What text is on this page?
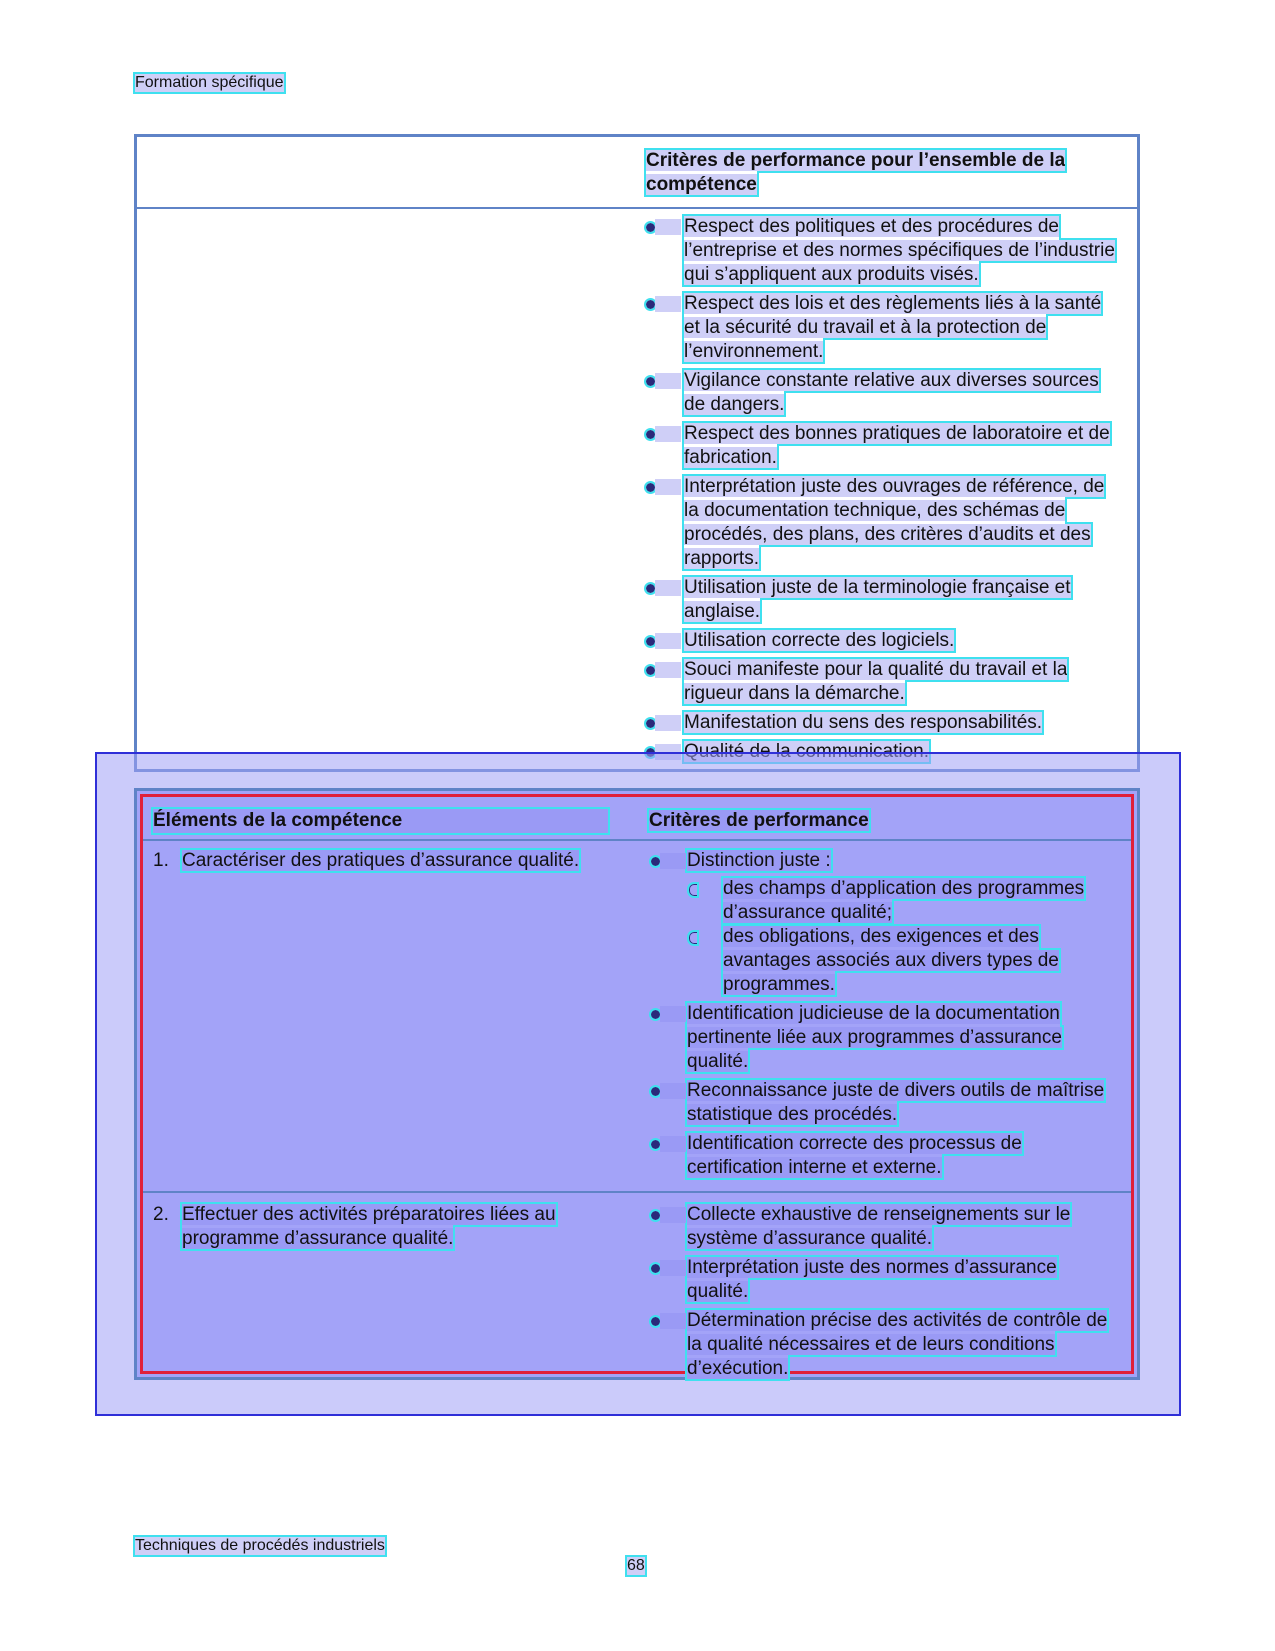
Formation spécifique
Critères de performance pour l’ensemble de la compétence
Respect des politiques et des procédures de l’entreprise et des normes spécifiques de l’industrie qui s’appliquent aux produits visés.
Respect des lois et des règlements liés à la santé et la sécurité du travail et à la protection de l’environnement.
Vigilance constante relative aux diverses sources de dangers.
Respect des bonnes pratiques de laboratoire et de fabrication.
Interprétation juste des ouvrages de référence, de la documentation technique, des schémas de procédés, des plans, des critères d’audits et des rapports.
Utilisation juste de la terminologie française et anglaise.
Utilisation correcte des logiciels.
Souci manifeste pour la qualité du travail et la rigueur dans la démarche.
Manifestation du sens des responsabilités.
Éléments de la compétence	Critères de performance
1. Caractériser des pratiques d’assurance qualité.	Distinction juste :
des champs d’application des programmes d’assurance qualité;
des obligations, des exigences et des avantages associés aux divers types de programmes.
Identification judicieuse de la documentation pertinente liée aux programmes d’assurance qualité.
Reconnaissance juste de divers outils de maîtrise statistique des procédés.
Identification correcte des processus de certification interne et externe.
2. Effectuer des activités préparatoires liées au programme d’assurance qualité.
Collecte exhaustive de renseignements sur le système d’assurance qualité.
Interprétation juste des normes d’assurance qualité.
Détermination précise des activités de contrôle de la qualité nécessaires et de leurs conditions d’exécution.
Techniques de procédés industriels
68
